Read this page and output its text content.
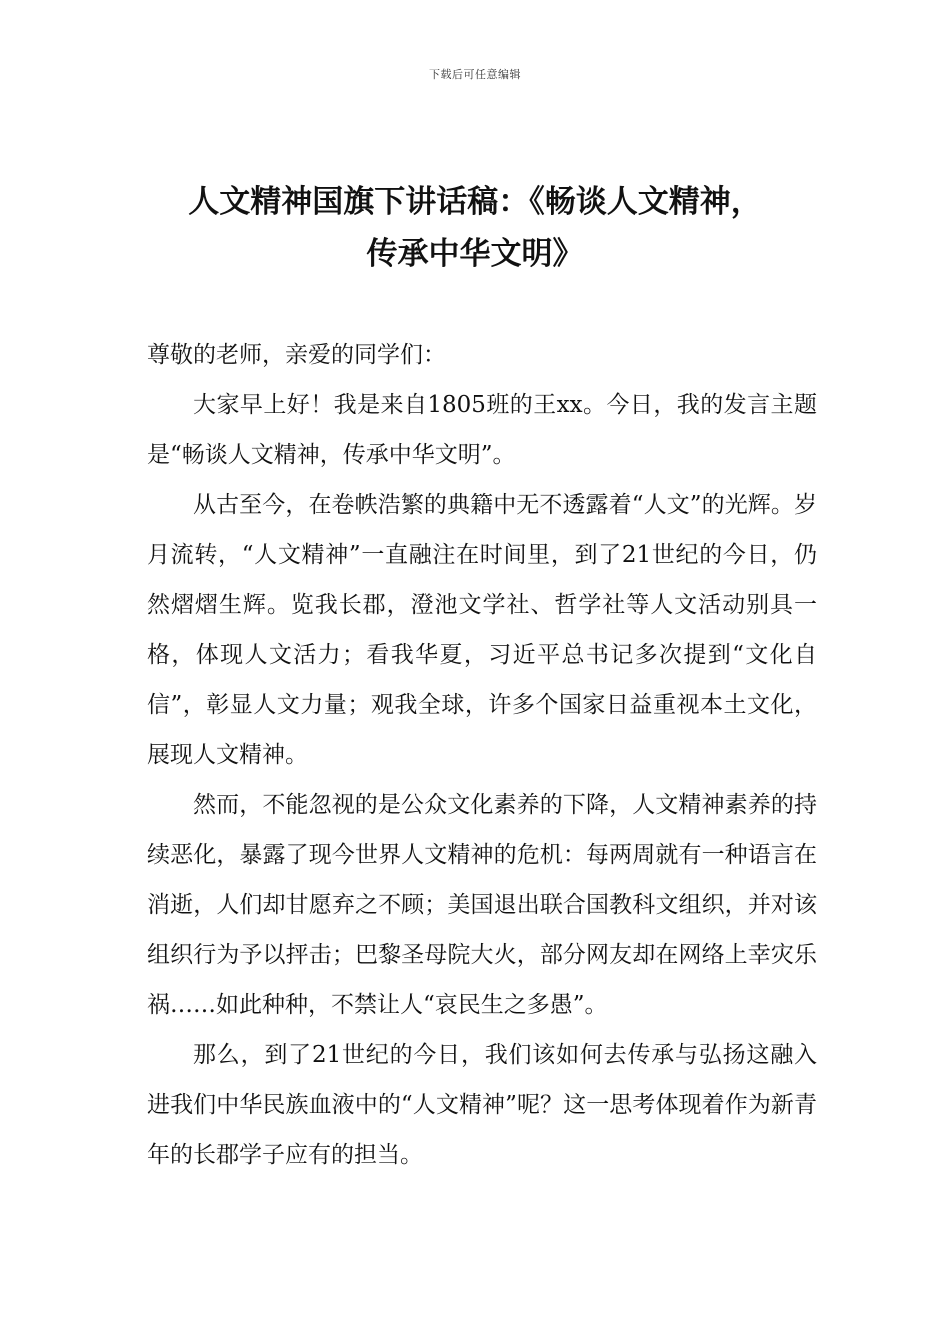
下载后可任意编辑
人文精神国旗下讲话稿：《畅谈人文精神，
传承中华文明》

尊敬的老师，亲爱的同学们：

大家早上好！我是来自1805班的王xx。今日，我的发言主题是“畅谈人文精神，传承中华文明”。

从古至今，在卷帙浩繁的典籍中无不透露着“人文”的光辉。岁月流转，“人文精神”一直融注在时间里，到了21世纪的今日，仍然熠熠生辉。览我长郡，澄池文学社、哲学社等人文活动别具一格，体现人文活力；看我华夏，习近平总书记多次提到“文化自信”，彰显人文力量；观我全球，许多个国家日益重视本土文化，展现人文精神。

然而，不能忽视的是公众文化素养的下降，人文精神素养的持续恶化，暴露了现今世界人文精神的危机：每两周就有一种语言在消逝，人们却甘愿弃之不顾；美国退出联合国教科文组织，并对该组织行为予以抨击；巴黎圣母院大火，部分网友却在网络上幸灾乐祸……如此种种，不禁让人“哀民生之多愚”。

那么，到了21世纪的今日，我们该如何去传承与弘扬这融入进我们中华民族血液中的“人文精神”呢？这一思考体现着作为新青年的长郡学子应有的担当。
